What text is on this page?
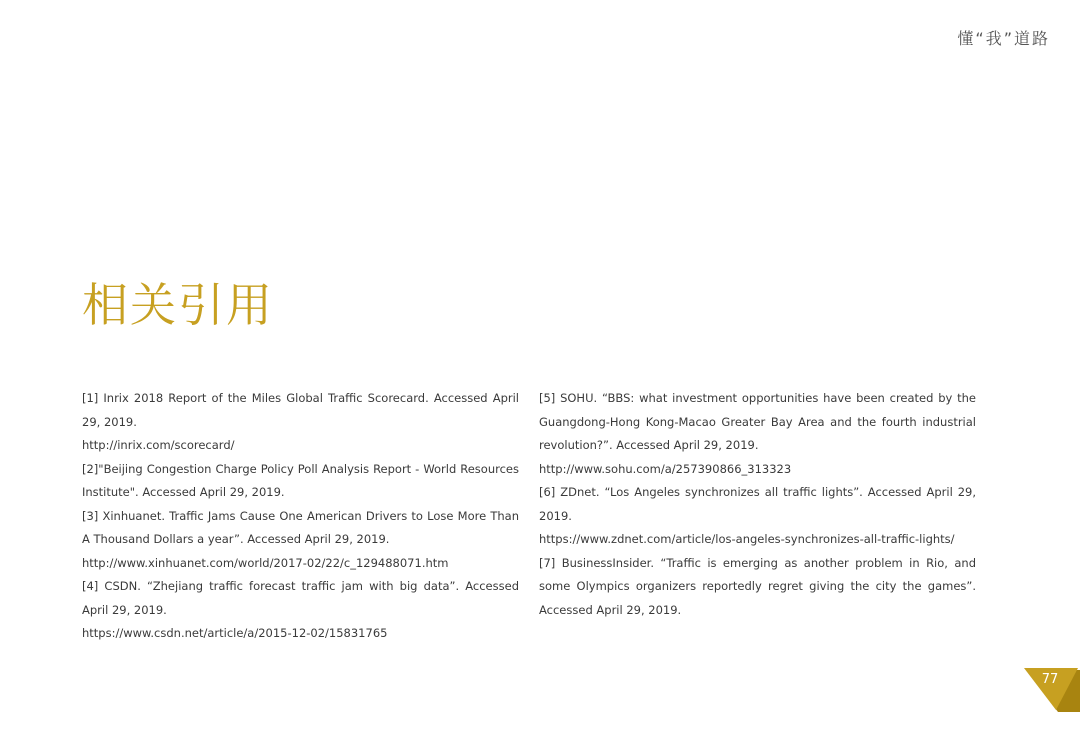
懂“我”道路
相关引用
[1] Inrix 2018 Report of the Miles Global Traffic Scorecard. Accessed April 29, 2019.
http://inrix.com/scorecard/
[2]"Beijing Congestion Charge Policy Poll Analysis Report - World Resources Institute". Accessed April 29, 2019.
[3] Xinhuanet. Traffic Jams Cause One American Drivers to Lose More Than A Thousand Dollars a year”. Accessed April 29, 2019.
http://www.xinhuanet.com/world/2017-02/22/c_129488071.htm
[4] CSDN. “Zhejiang traffic forecast traffic jam with big data”. Accessed April 29, 2019.
https://www.csdn.net/article/a/2015-12-02/15831765
[5] SOHU. “BBS: what investment opportunities have been created by the Guangdong-Hong Kong-Macao Greater Bay Area and the fourth industrial revolution?”. Accessed April 29, 2019.
http://www.sohu.com/a/257390866_313323
[6] ZDnet. “Los Angeles synchronizes all traffic lights”. Accessed April 29, 2019.
https://www.zdnet.com/article/los-angeles-synchronizes-all-traffic-lights/
[7] BusinessInsider. “Traffic is emerging as another problem in Rio, and some Olympics organizers reportedly regret giving the city the games”. Accessed April 29, 2019.
77
